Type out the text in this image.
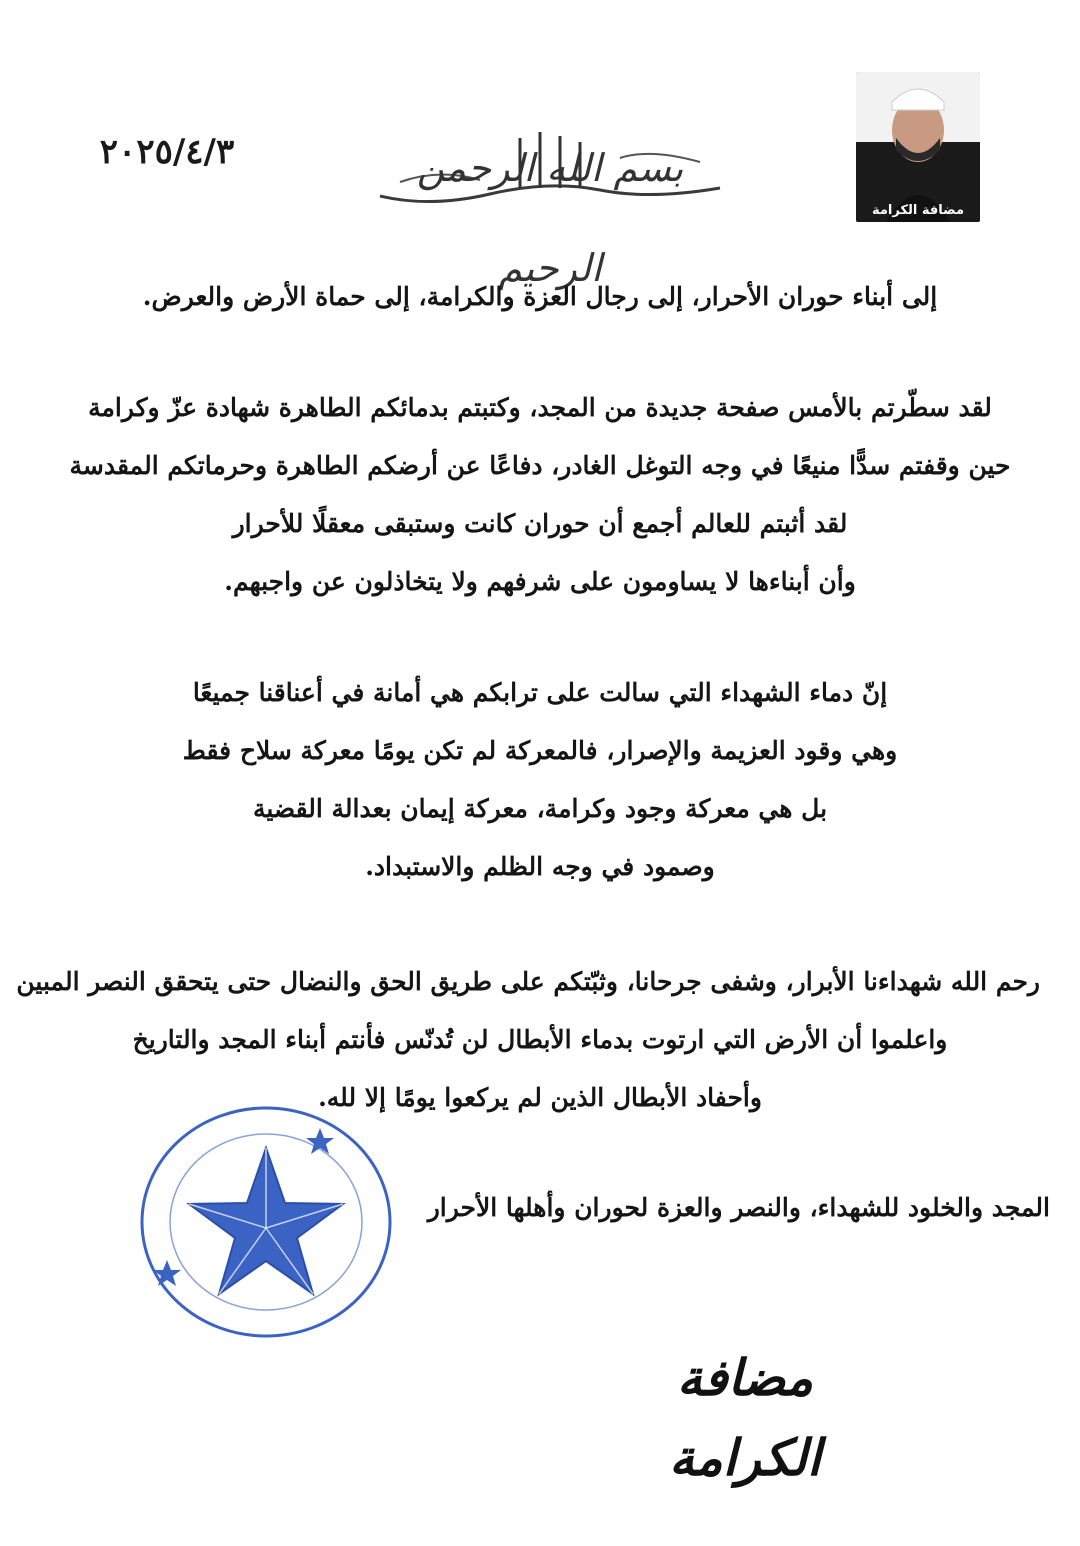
٢٠٢٥/٤/٣	بسم الله الرحمن الرحيم
مضافة الكرامة
إلى أبناء حوران الأحرار، إلى رجال العزة والكرامة، إلى حماة الأرض والعرض.
لقد سطّرتم بالأمس صفحة جديدة من المجد، وكتبتم بدمائكم الطاهرة شهادة عزّ وكرامة
حين وقفتم سدًّا منيعًا في وجه التوغل الغادر، دفاعًا عن أرضكم الطاهرة وحرماتكم المقدسة
لقد أثبتم للعالم أجمع أن حوران كانت وستبقى معقلًا للأحرار
وأن أبناءها لا يساومون على شرفهم ولا يتخاذلون عن واجبهم.
إنّ دماء الشهداء التي سالت على ترابكم هي أمانة في أعناقنا جميعًا
وهي وقود العزيمة والإصرار، فالمعركة لم تكن يومًا معركة سلاح فقط
بل هي معركة وجود وكرامة، معركة إيمان بعدالة القضية
وصمود في وجه الظلم والاستبداد.
رحم الله شهداءنا الأبرار، وشفى جرحانا، وثبّتكم على طريق الحق والنضال حتى يتحقق النصر المبين
واعلموا أن الأرض التي ارتوت بدماء الأبطال لن تُدنّس فأنتم أبناء المجد والتاريخ
وأحفاد الأبطال الذين لم يركعوا يومًا إلا لله.
المجد والخلود للشهداء، والنصر والعزة لحوران وأهلها الأحرار
مضافة الكرامة
